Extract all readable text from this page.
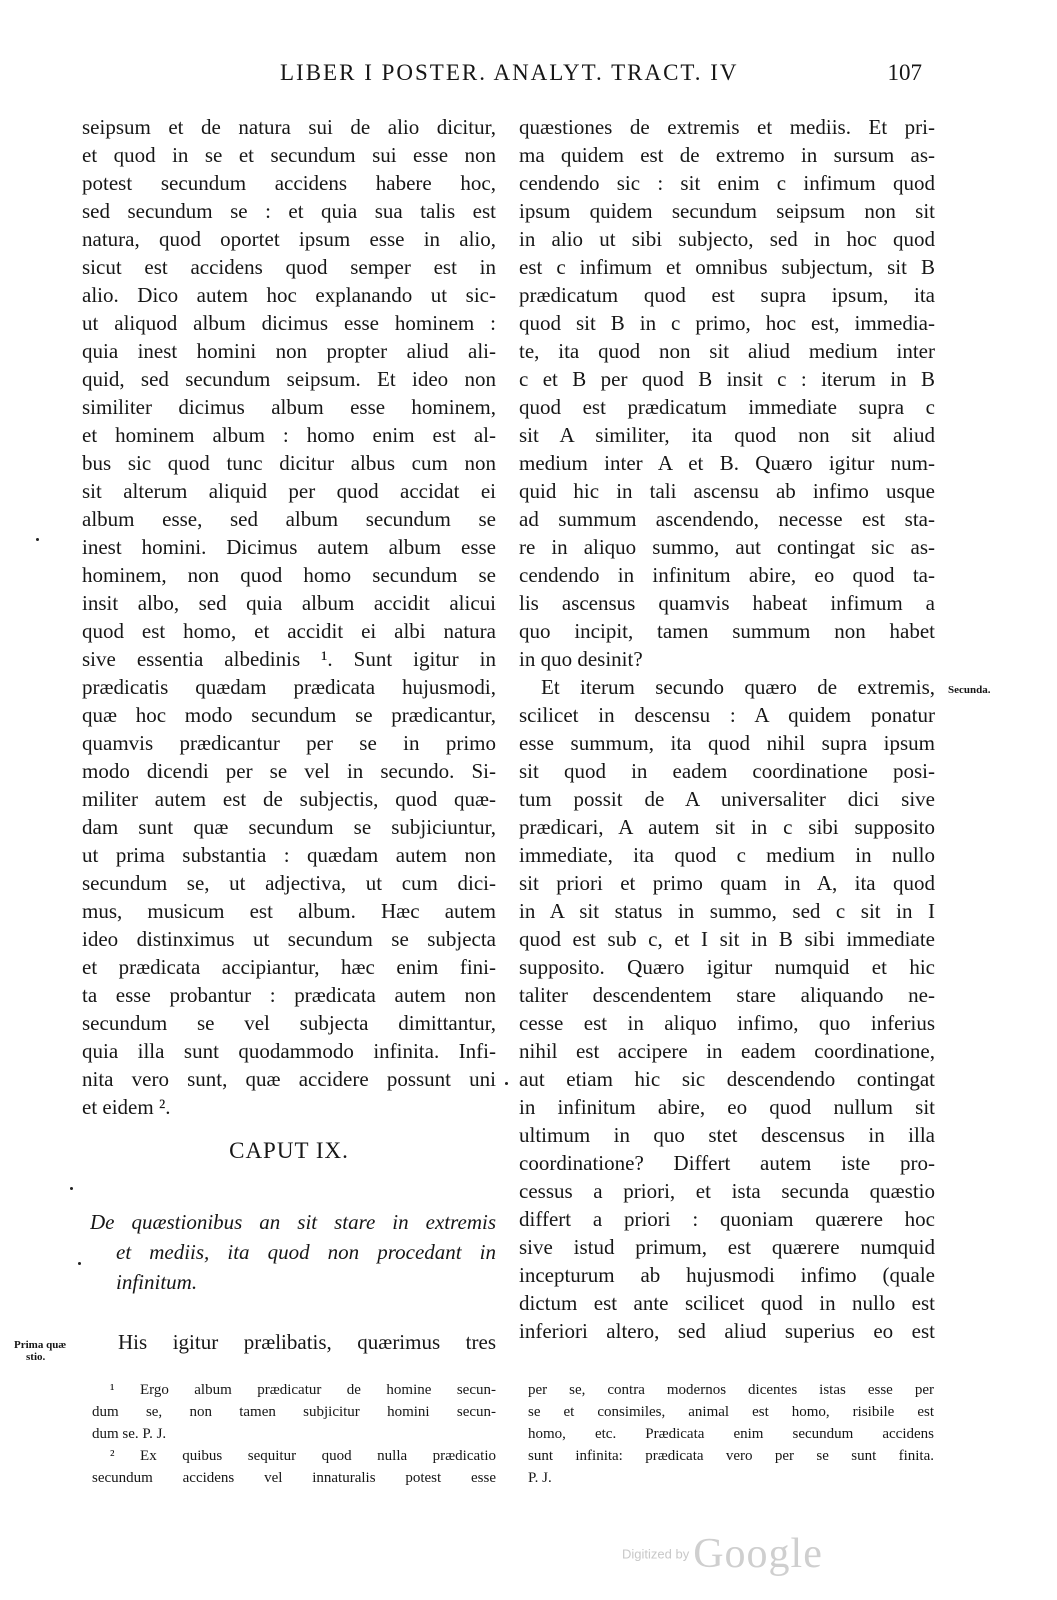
LIBER I POSTER. ANALYT. TRACT. IV	107
seipsum et de natura sui de alio dicitur,
et quod in se et secundum sui esse non
potest secundum accidens habere hoc,
sed secundum se : et quia sua talis est
natura, quod oportet ipsum esse in alio,
sicut est accidens quod semper est in
alio. Dico autem hoc explanando ut sic-
ut aliquod album dicimus esse hominem :
quia inest homini non propter aliud ali-
quid, sed secundum seipsum. Et ideo non
similiter dicimus album esse hominem,
et hominem album : homo enim est al-
bus sic quod tunc dicitur albus cum non
sit alterum aliquid per quod accidat ei
album esse, sed album secundum se
inest homini. Dicimus autem album esse
hominem, non quod homo secundum se
insit albo, sed quia album accidit alicui
quod est homo, et accidit ei albi natura
sive essentia albedinis ¹. Sunt igitur in
prædicatis quædam prædicata hujusmodi,
quæ hoc modo secundum se prædicantur,
quamvis prædicantur per se in primo
modo dicendi per se vel in secundo. Si-
militer autem est de subjectis, quod quæ-
dam sunt quæ secundum se subjiciuntur,
ut prima substantia : quædam autem non
secundum se, ut adjectiva, ut cum dici-
mus, musicum est album. Hæc autem
ideo distinximus ut secundum se subjecta
et prædicata accipiantur, hæc enim fini-
ta esse probantur : prædicata autem non
secundum se vel subjecta dimittantur,
quia illa sunt quodammodo infinita. Infi-
nita vero sunt, quæ accidere possunt uni
et eidem ².
CAPUT IX.
De quæstionibus an sit stare in extremis
et mediis, ita quod non procedant in
infinitum.
His igitur prælibatis, quærimus tres
quæstiones de extremis et mediis. Et pri-
ma quidem est de extremo in sursum as-
cendendo sic : sit enim c infimum quod
ipsum quidem secundum seipsum non sit
in alio ut sibi subjecto, sed in hoc quod
est c infimum et omnibus subjectum, sit B
prædicatum quod est supra ipsum, ita
quod sit B in c primo, hoc est, immedia-
te, ita quod non sit aliud medium inter
c et B per quod B insit c : iterum in B
quod est prædicatum immediate supra c
sit A similiter, ita quod non sit aliud
medium inter A et B. Quæro igitur num-
quid hic in tali ascensu ab infimo usque
ad summum ascendendo, necesse est sta-
re in aliquo summo, aut contingat sic as-
cendendo in infinitum abire, eo quod ta-
lis ascensus quamvis habeat infimum a
quo incipit, tamen summum non habet
in quo desinit?
Et iterum secundo quæro de extremis,
scilicet in descensu : A quidem ponatur
esse summum, ita quod nihil supra ipsum
sit quod in eadem coordinatione posi-
tum possit de A universaliter dici sive
prædicari, A autem sit in c sibi supposito
immediate, ita quod c medium in nullo
sit priori et primo quam in A, ita quod
in A sit status in summo, sed c sit in I
quod est sub c, et I sit in B sibi immediate
supposito. Quæro igitur numquid et hic
taliter descendentem stare aliquando ne-
cesse est in aliquo infimo, quo inferius
nihil est accipere in eadem coordinatione,
aut etiam hic sic descendendo contingat
in infinitum abire, eo quod nullum sit
ultimum in quo stet descensus in illa
coordinatione? Differt autem iste pro-
cessus a priori, et ista secunda quæstio
differt a priori : quoniam quærere hoc
sive istud primum, est quærere numquid
incepturum ab hujusmodi infimo (quale
dictum est ante scilicet quod in nullo est
inferiori altero, sed aliud superius eo est
Secunda.
Prima quæ
stio.
¹ Ergo album prædicatur de homine secun-
dum se, non tamen subjicitur homini secun-
dum se. P. J.
² Ex quibus sequitur quod nulla prædicatio
secundum accidens vel innaturalis potest esse
per se, contra modernos dicentes istas esse per
se et consimiles, animal est homo, risibile est
homo, etc. Prædicata enim secundum accidens
sunt infinita: prædicata vero per se sunt finita.
P. J.
Digitized by Google
